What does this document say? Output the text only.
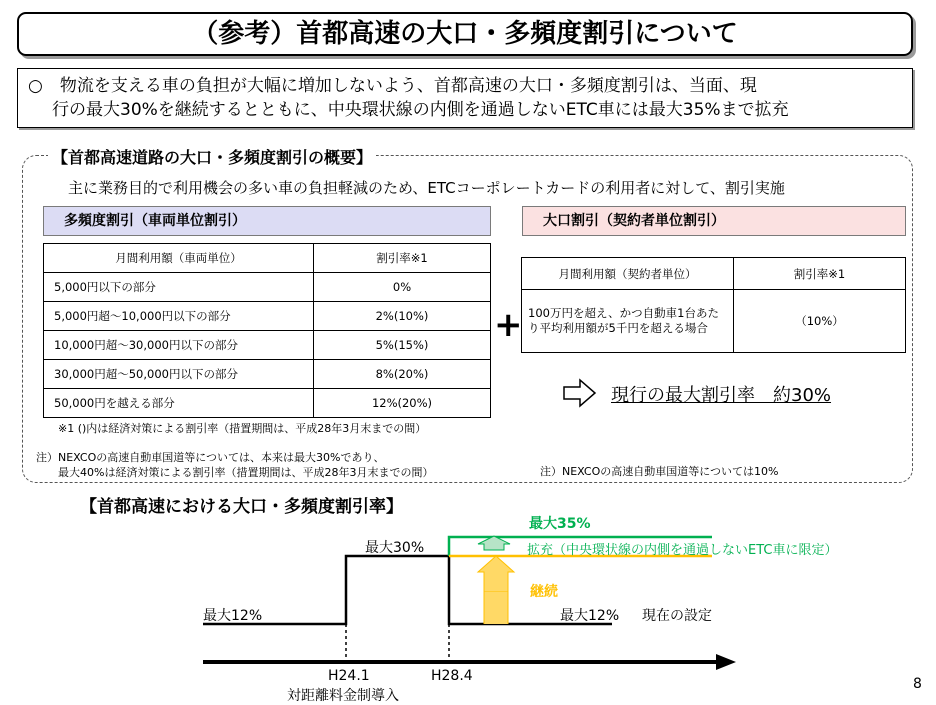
（参考）首都高速の大口・多頻度割引について
○　物流を支える車の負担が大幅に増加しないよう、首都高速の大口・多頻度割引は、当面、現
行の最大30%を継続するとともに、中央環状線の内側を通過しないETC車には最大35%まで拡充
【首都高速道路の大口・多頻度割引の概要】
主に業務目的で利用機会の多い車の負担軽減のため、ETCコーポレートカードの利用者に対して、割引実施
多頻度割引（車両単位割引）
月間利用額（車両単位）	割引率※1
5,000円以下の部分	0%
5,000円超～10,000円以下の部分	2%(10%)
10,000円超～30,000円以下の部分	5%(15%)
30,000円超～50,000円以下の部分	8%(20%)
50,000円を越える部分	12%(20%)
※1 ()内は経済対策による割引率（措置期間は、平成28年3月末までの間）
+
大口割引（契約者単位割引）
月間利用額（契約者単位）	割引率※1
100万円を超え、かつ自動車1台あたり平均利用額が5千円を超える場合	（10%）
現行の最大割引率　約30%
注）NEXCOの高速自動車国道等については、本来は最大30%であり、
最大40%は経済対策による割引率（措置期間は、平成28年3月末までの間）	注）NEXCOの高速自動車国道等については10%
【首都高速における大口・多頻度割引率】
最大12%
最大30%
最大35%
拡充（中央環状線の内側を通過しないETC車に限定）
継続
最大12% 現在の設定
H24.1
対距離料金制導入
H28.4	8
